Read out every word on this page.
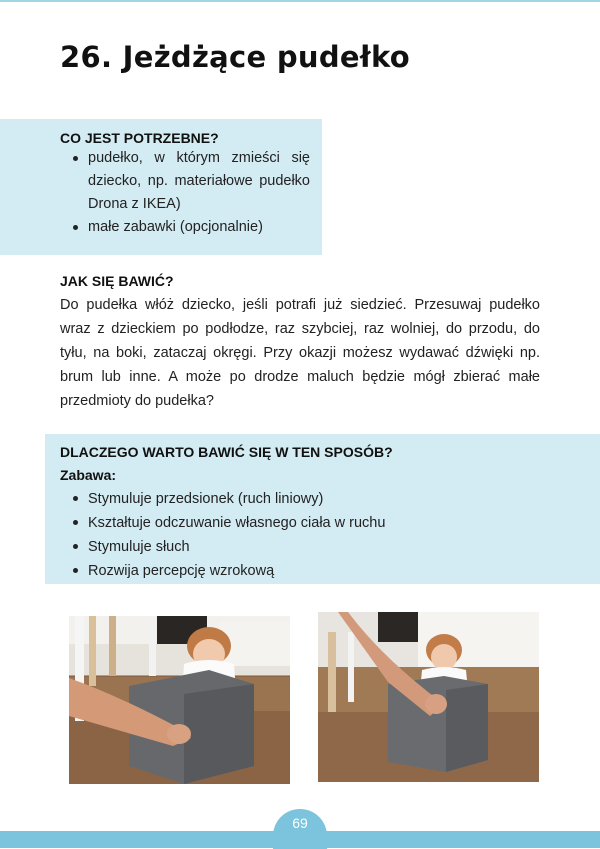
26. Jeżdżące pudełko
CO JEST POTRZEBNE?
pudełko, w którym zmieści się dziecko, np. materiałowe pudełko Drona z IKEA)
małe zabawki (opcjonalnie)
JAK SIĘ BAWIĆ?

Do pudełka włóż dziecko, jeśli potrafi już siedzieć. Przesuwaj pudełko wraz z dzieckiem po podłodze, raz szybciej, raz wolniej, do przodu, do tyłu, na boki, zataczaj okręgi. Przy okazji możesz wydawać dźwięki np. brum lub inne. A może po drodze maluch będzie mógł zbierać małe przedmioty do pudełka?

DLACZEGO WARTO BAWIĆ SIĘ W TEN SPOSÓB?
Zabawa:
Stymuluje przedsionek (ruch liniowy)
Kształtuje odczuwanie własnego ciała w ruchu
Stymuluje słuch
Rozwija percepcję wzrokową
69
